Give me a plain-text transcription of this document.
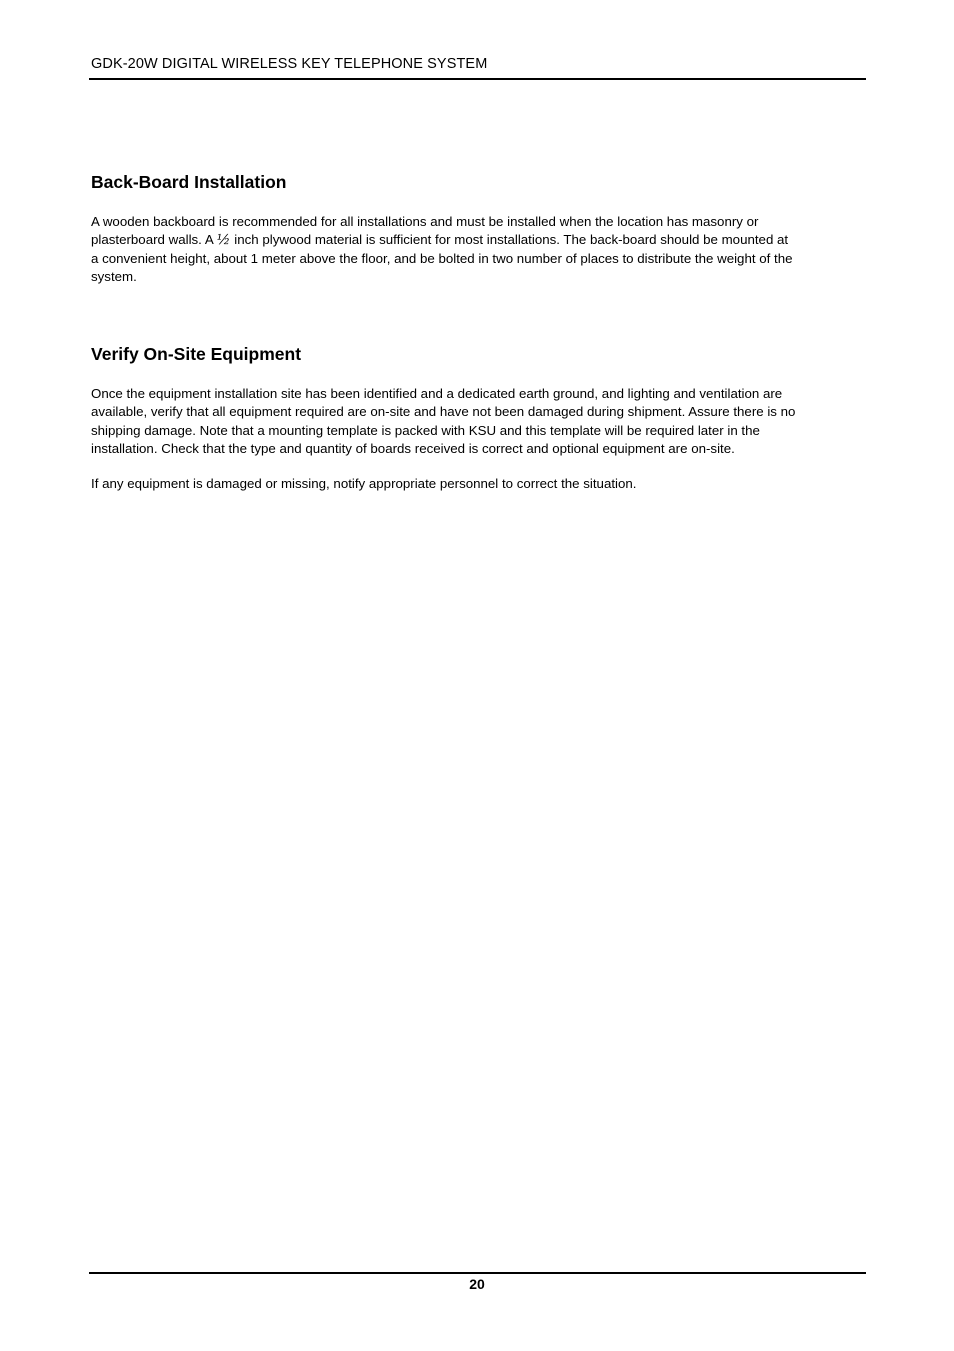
GDK-20W DIGITAL WIRELESS KEY TELEPHONE SYSTEM
Back-Board Installation

A wooden backboard is recommended for all installations and must be installed when the location has masonry or
plasterboard walls. A ½ inch plywood material is sufficient for most installations. The back-board should be mounted at
a convenient height, about 1 meter above the floor, and be bolted in two number of places to distribute the weight of the
system.

Verify On-Site Equipment

Once the equipment installation site has been identified and a dedicated earth ground, and lighting and ventilation are
available, verify that all equipment required are on-site and have not been damaged during shipment. Assure there is no
shipping damage. Note that a mounting template is packed with KSU and this template will be required later in the
installation. Check that the type and quantity of boards received is correct and optional equipment are on-site.

If any equipment is damaged or missing, notify appropriate personnel to correct the situation.

20
